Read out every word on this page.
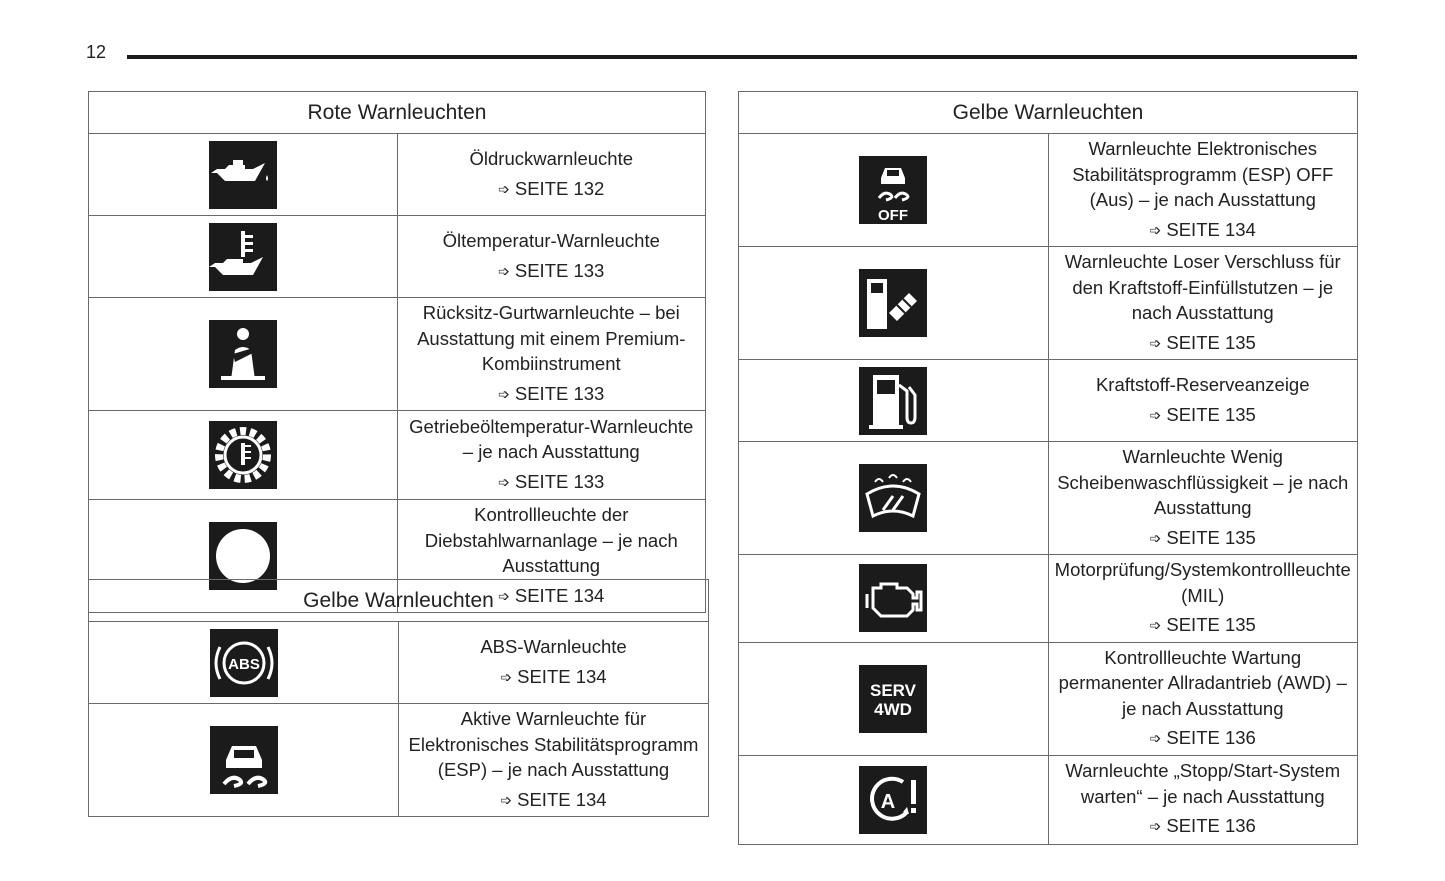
12
Rote Warnleuchten	

	Öldruckwarnleuchte
➩ SEITE 132

	Öltemperatur-Warnleuchte
➩ SEITE 133

	Rücksitz-Gurtwarnleuchte – bei Ausstattung mit einem Premium-Kombiinstrument
➩ SEITE 133

	Getriebeöltemperatur-Warnleuchte – je nach Ausstattung
➩ SEITE 133

	Kontrollleuchte der Diebstahlwarnanlage – je nach Ausstattung
➩ SEITE 134
Gelbe Warnleuchten	

ABS	ABS-Warnleuchte
➩ SEITE 134

	Aktive Warnleuchte für Elektronisches Stabilitätsprogramm (ESP) – je nach Ausstattung
➩ SEITE 134
Gelbe Warnleuchten	

OFF	Warnleuchte Elektronisches Stabilitätsprogramm (ESP) OFF (Aus) – je nach Ausstattung
➩ SEITE 134

	Warnleuchte Loser Verschluss für den Kraftstoff-Einfüllstutzen – je nach Ausstattung
➩ SEITE 135

	Kraftstoff-Reserveanzeige
➩ SEITE 135

	Warnleuchte Wenig Scheibenwaschflüssigkeit – je nach Ausstattung
➩ SEITE 135

	Motorprüfung/Systemkontrollleuchte (MIL)
➩ SEITE 135

SERV
4WD	Kontrollleuchte Wartung permanenter Allradantrieb (AWD) – je nach Ausstattung
➩ SEITE 136

A	Warnleuchte „Stopp/Start-System warten“ – je nach Ausstattung
➩ SEITE 136
